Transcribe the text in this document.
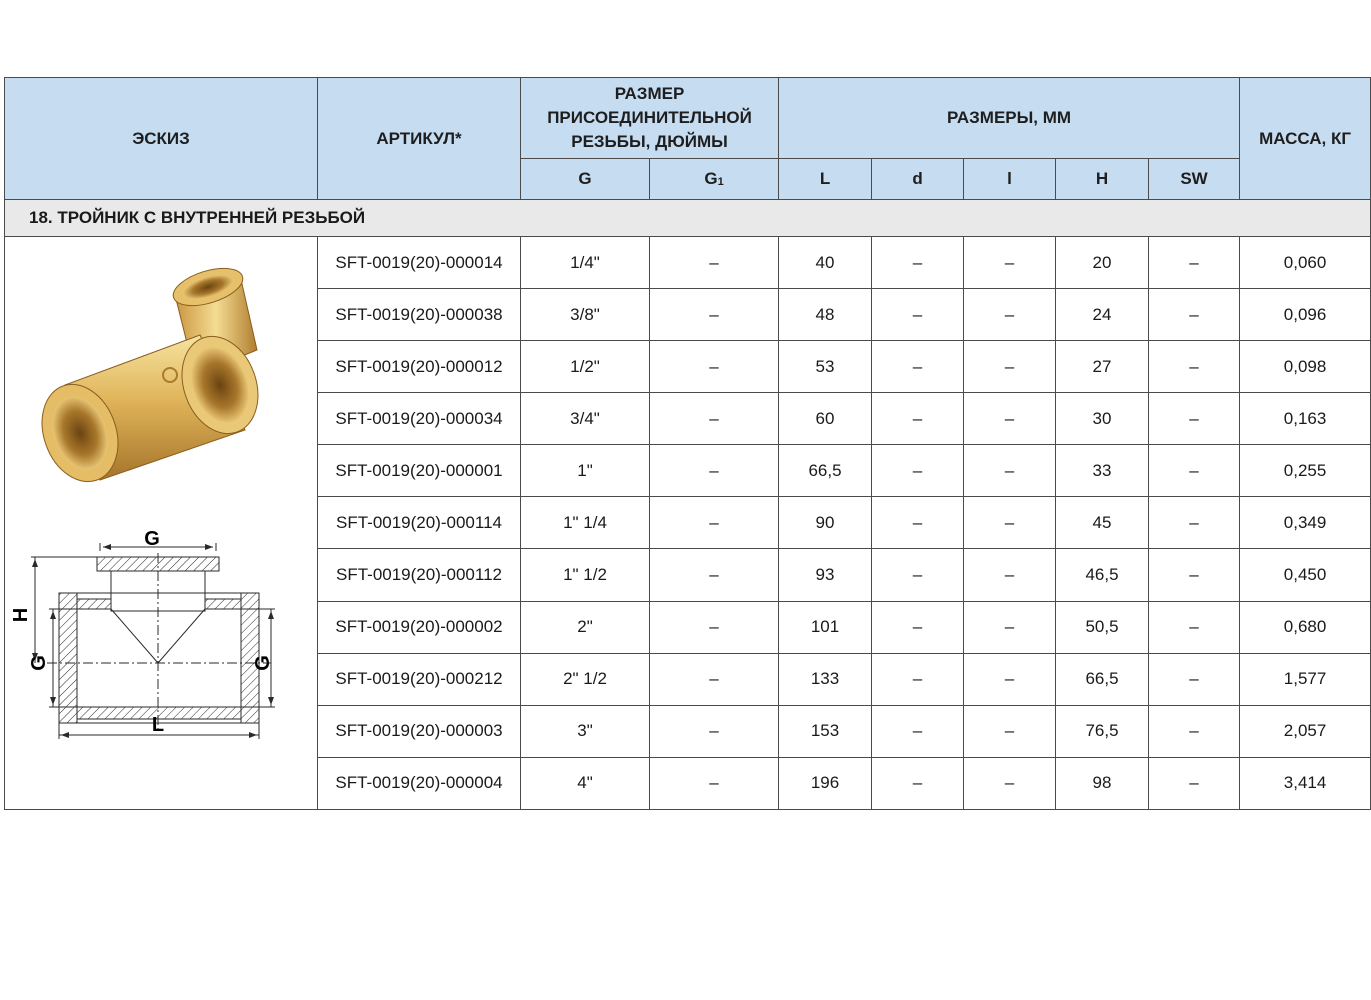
ЭСКИЗ	АРТИКУЛ*	РАЗМЕР
ПРИСОЕДИНИТЕЛЬНОЙ
РЕЗЬБЫ, ДЮЙМЫ		РАЗМЕРЫ, ММ					МАССА, КГ
		G	$G_1$	L	d	l	H	SW	
18. ТРОЙНИК С ВНУТРЕННЕЙ РЕЗЬБОЙ									

G
H
G G
L	SFT-0019(20)-000014	1/4"	–	40	–	–	20	–	0,060
	SFT-0019(20)-000038	3/8"	–	48	–	–	24	–	0,096
	SFT-0019(20)-000012	1/2"	–	53	–	–	27	–	0,098
	SFT-0019(20)-000034	3/4"	–	60	–	–	30	–	0,163
	SFT-0019(20)-000001	1"	–	66,5	–	–	33	–	0,255
	SFT-0019(20)-000114	1" 1/4	–	90	–	–	45	–	0,349
	SFT-0019(20)-000112	1" 1/2	–	93	–	–	46,5	–	0,450
	SFT-0019(20)-000002	2"	–	101	–	–	50,5	–	0,680
	SFT-0019(20)-000212	2" 1/2	–	133	–	–	66,5	–	1,577
	SFT-0019(20)-000003	3"	–	153	–	–	76,5	–	2,057
	SFT-0019(20)-000004	4"	–	196	–	–	98	–	3,414
